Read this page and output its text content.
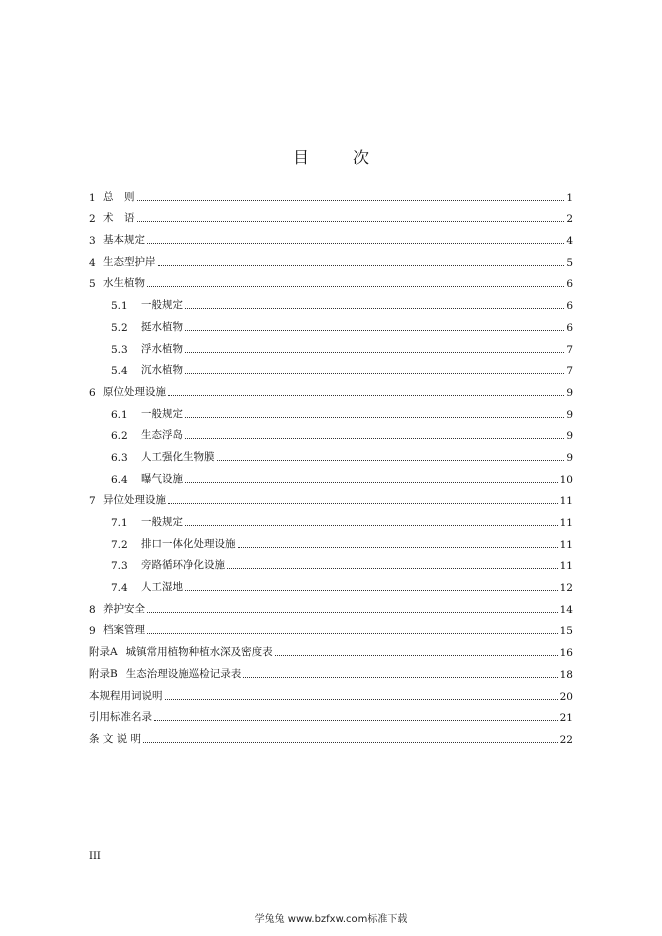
目　次
1 总　则	1
2 术　语	2
3 基本规定	4
4 生态型护岸	5
5 水生植物	6
5.1	一般规定	6
5.2	挺水植物	6
5.3	浮水植物	7
5.4	沉水植物	7
6 原位处理设施	9
6.1	一般规定	9
6.2	生态浮岛	9
6.3	人工强化生物膜	9
6.4	曝气设施	10
7 异位处理设施	11
7.1	一般规定	11
7.2	排口一体化处理设施	11
7.3	旁路循环净化设施	11
7.4	人工湿地	12
8 养护安全	14
9 档案管理	15
附录A 城镇常用植物种植水深及密度表	16
附录B 生态治理设施巡检记录表	18
本规程用词说明	20
引用标准名录	21
条 文 说 明	22
III
学兔兔 www.bzfxw.com标准下载
